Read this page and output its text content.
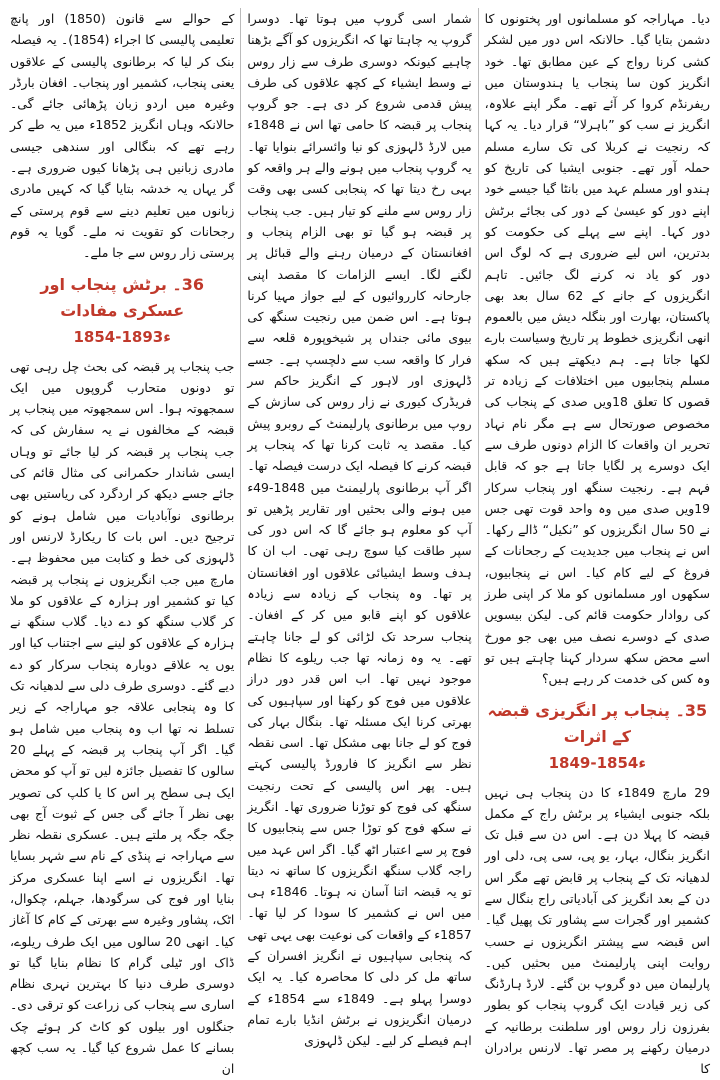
دیا۔ مہاراجہ کو مسلمانوں اور پختونوں کا دشمن بتایا گیا۔ حالانکہ اس دور میں لشکر کشی کرنا رواج کے عین مطابق تھا۔ خود انگریز کون سا پنجاب یا ہندوستان میں ریفرنڈم کروا کر آئے تھے۔ مگر اپنے علاوہ، انگریز نے سب کو ”باہرلا“ قرار دیا۔ یہ کہا کہ رنجیت نے کربلا کی تک سارے مسلم حملہ آور تھے۔ جنوبی ایشیا کی تاریخ کو ہندو اور مسلم عہد میں بانٹا گیا جیسے خود اپنے دور کو عیسیٰ کے دور کی بجائے برٹش دور کہا۔ اپنے سے پہلے کی حکومت کو بدترین، اس لیے ضروری ہے کہ لوگ اس دور کو یاد نہ کرنے لگ جائیں۔ تاہم انگریزوں کے جانے کے 62 سال بعد بھی پاکستان، بھارت اور بنگلہ دیش میں بالعموم انھی انگریزی خطوط پر تاریخ وسیاست بارے لکھا جاتا ہے۔ ہم دیکھتے ہیں کہ سکھ مسلم پنجابیوں میں اختلافات کے زیادہ تر قصوں کا تعلق 18ویں صدی کے پنجاب کی مخصوص صورتحال سے ہے مگر نام نہاد تحریر ان واقعات کا الزام دونوں طرف سے ایک دوسرے پر لگایا جاتا ہے جو کہ قابل فہم ہے۔ رنجیت سنگھ اور پنجاب سرکار 19ویں صدی میں وہ واحد قوت تھی جس نے 50 سال انگریزوں کو ”نکیل“ ڈالے رکھا۔ اس نے پنجاب میں جدیدیت کے رجحانات کے فروغ کے لیے کام کیا۔ اس نے پنجابیوں، سکھوں اور مسلمانوں کو ملا کر اپنی طرز کی روادار حکومت قائم کی۔ لیکن بیسویں صدی کے دوسرے نصف میں بھی جو مورخ اسے محض سکھ سردار کہنا چاہتے ہیں تو وہ کس کی خدمت کر رہے ہیں؟

35۔ پنجاب پر انگریزی قبضہ کے اثرات
1849-1854ء

29 مارچ 1849ء کا دن پنجاب ہی نہیں بلکہ جنوبی ایشیاء پر برٹش راج کے مکمل قبضہ کا پہلا دن ہے۔ اس دن سے قبل تک انگریز بنگال، بہار، یو پی، سی پی، دلی اور لدھیانہ تک کے پنجاب پر قابض تھے مگر اس دن کے بعد انگریز کی آبادیاتی راج بنگال سے کشمیر اور گجرات سے پشاور تک پھیل گیا۔ اس قبضہ سے پیشتر انگریزوں نے حسب روایت اپنی پارلیمنٹ میں بحثیں کیں۔ پارلیمان میں دو گروپ بن گئے۔ لارڈ ہارڈنگ کی زیر قیادت ایک گروپ پنجاب کو بطور بفرزون زار روس اور سلطنت برطانیہ کے درمیان رکھنے پر مصر تھا۔ لارنس برادران کا

شمار اسی گروپ میں ہوتا تھا۔ دوسرا گروپ یہ چاہتا تھا کہ انگریزوں کو آگے بڑھنا چاہیے کیونکہ دوسری طرف سے زار روس نے وسط ایشیاء کے کچھ علاقوں کی طرف پیش قدمی شروع کر دی ہے۔ جو گروپ پنجاب پر قبضہ کا حامی تھا اس نے 1848ء میں لارڈ ڈلہوزی کو نیا وائسرائے بنوایا تھا۔ یہ گروپ پنجاب میں ہونے والے ہر واقعہ کو بہی رخ دیتا تھا کہ پنجابی کسی بھی وقت زار روس سے ملنے کو تیار ہیں۔ جب پنجاب پر قبضہ ہو گیا تو بھی الزام پنجاب و افغانستان کے درمیان رہنے والے قبائل پر لگنے لگا۔ ایسے الزامات کا مقصد اپنی جارحانہ کارروائیوں کے لیے جواز مہیا کرنا ہوتا ہے۔ اس ضمن میں رنجیت سنگھ کی بیوی مائی جنداں پر شیخوپورہ قلعہ سے فرار کا واقعہ سب سے دلچسپ ہے۔ جسے ڈلہوزی اور لاہور کے انگریز حاکم سر فریڈرک کیوری نے زار روس کی سازش کے روپ میں برطانوی پارلیمنٹ کے روبرو پیش کیا۔ مقصد یہ ثابت کرنا تھا کہ پنجاب پر قبضہ کرنے کا فیصلہ ایک درست فیصلہ تھا۔ اگر آپ برطانوی پارلیمنٹ میں 1848-49ء میں ہونے والی بحثیں اور تقاریر پڑھیں تو آپ کو معلوم ہو جائے گا کہ اس دور کی سپر طاقت کیا سوچ رہی تھی۔ اب ان کا ہدف وسط ایشیائی علاقوں اور افغانستان پر تھا۔ وہ پنجاب کے زیادہ سے زیادہ علاقوں کو اپنے قابو میں کر کے افغان۔ پنجاب سرحد تک لڑائی کو لے جانا چاہتے تھے۔ یہ وہ زمانہ تھا جب ریلوے کا نظام موجود نہیں تھا۔ اب اس قدر دور دراز علاقوں میں فوج کو رکھنا اور سپاہیوں کی بھرتی کرنا ایک مسئلہ تھا۔ بنگال بہار کی فوج کو لے جانا بھی مشکل تھا۔ اسی نقطہ نظر سے انگریز کا فارورڈ پالیسی کہتے ہیں۔ پھر اس پالیسی کے تحت رنجیت سنگھ کی فوج کو توڑنا ضروری تھا۔ انگریز نے سکھ فوج کو توڑا جس سے پنجابیوں کا فوج پر سے اعتبار اٹھ گیا۔ اگر اس عہد میں راجہ گلاب سنگھ انگریزوں کا ساتھ نہ دیتا تو یہ قبضہ اتنا آسان نہ ہوتا۔ 1846ء ہی میں اس نے کشمیر کا سودا کر لیا تھا۔ 1857ء کے واقعات کی نوعیت بھی یہی تھی کہ پنجابی سپاہیوں نے انگریز افسران کے ساتھ مل کر دلی کا محاصرہ کیا۔ یہ ایک دوسرا پہلو ہے۔ 1849ء سے 1854ء کے درمیان انگریزوں نے برٹش انڈیا بارے تمام اہم فیصلے کر لیے۔ لیکن ڈلہوزی

کے حوالے سے قانون (1850) اور پانچ تعلیمی پالیسی کا اجراء (1854)۔ یہ فیصلہ بنک کر لیا کہ برطانوی پالیسی کے علاقوں یعنی پنجاب، کشمیر اور پنجاب۔ افغان بارڈر وغیرہ میں اردو زبان پڑھائی جائے گی۔ حالانکہ وہاں انگریز 1852ء میں یہ طے کر رہے تھے کہ بنگالی اور سندھی جیسی مادری زبانیں ہی پڑھانا کیوں ضروری ہے۔ گر یہاں یہ خدشہ بتایا گیا کہ کہیں مادری زبانوں میں تعلیم دینے سے قوم پرستی کے رجحانات کو تقویت نہ ملے۔ گویا یہ قوم پرستی زار روس سے جا ملے۔

36۔ برٹش پنجاب اور عسکری مفادات
1854-1893ء

جب پنجاب پر قبضہ کی بحث چل رہی تھی تو دونوں متحارب گروپوں میں ایک سمجھوتہ ہوا۔ اس سمجھوتہ میں پنجاب پر قبضہ کے مخالفوں نے یہ سفارش کی کہ جب پنجاب پر قبضہ کر لیا جائے تو وہاں ایسی شاندار حکمرانی کی مثال قائم کی جائے جسے دیکھ کر اردگرد کی ریاستیں بھی برطانوی نوآبادیات میں شامل ہونے کو ترجیح دیں۔ اس بات کا ریکارڈ لارنس اور ڈلہوزی کی خط و کتابت میں محفوظ ہے۔ مارچ میں جب انگریزوں نے پنجاب پر قبضہ کیا تو کشمیر اور ہزارہ کے علاقوں کو ملا کر گلاب سنگھ کو دے دیا۔ گلاب سنگھ نے ہزارہ کے علاقوں کو لینے سے اجتناب کیا اور یوں یہ علاقے دوبارہ پنجاب سرکار کو دے دیے گئے۔ دوسری طرف دلی سے لدھیانہ تک کا وہ پنجابی علاقہ جو مہاراجہ کے زیر تسلط نہ تھا اب وہ پنجاب میں شامل ہو گیا۔ اگر آپ پنجاب پر قبضہ کے پہلے 20 سالوں کا تفصیل جائزہ لیں تو آپ کو محض ایک ہی سطح پر اس کا یا کلپ کی تصویر بھی نظر آ جائے گی جس کے ثبوت آج بھی جگہ جگہ پر ملتے ہیں۔ عسکری نقطہ نظر سے مہاراجہ نے پنڈی کے نام سے شہر بسایا تھا۔ انگریزوں نے اسے اپنا عسکری مرکز بنایا اور فوج کی سرگودھا، جہلم، چکوال، اٹک، پشاور وغیرہ سے بھرتی کے کام کا آغاز کیا۔ انھی 20 سالوں میں ایک طرف ریلوے، ڈاک اور ٹیلی گرام کا نظام بنایا گیا تو دوسری طرف دنیا کا بہترین نہری نظام اساری سے پنجاب کی زراعت کو ترقی دی۔ جنگلوں اور بیلوں کو کاٹ کر ہوئے چک بسانے کا عمل شروع کیا گیا۔ یہ سب کچھ ان
